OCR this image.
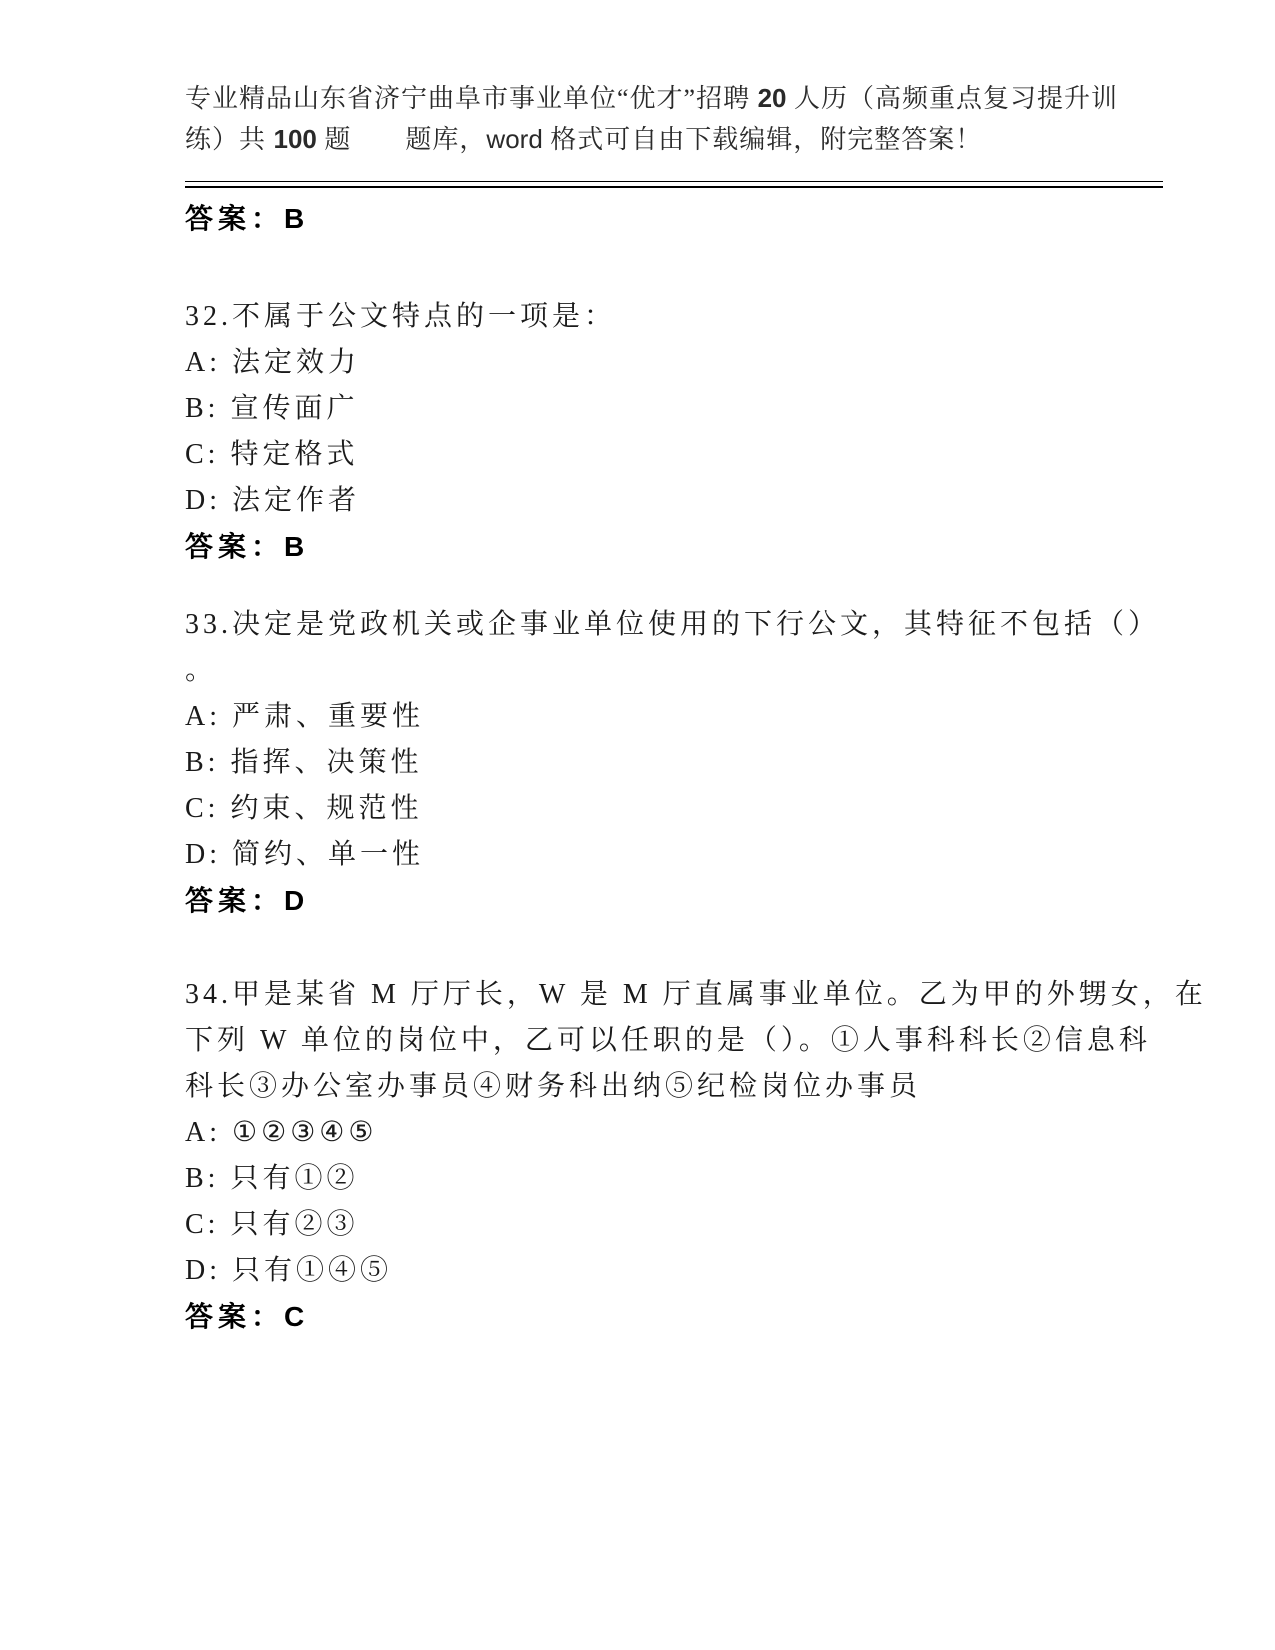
专业精品山东省济宁曲阜市事业单位“优才”招聘 20 人历（高频重点复习提升训
练）共 100 题　　题库，word 格式可自由下载编辑，附完整答案！
答案：B
32.不属于公文特点的一项是：
A: 法定效力
B: 宣传面广
C: 特定格式
D: 法定作者
答案：B
33.决定是党政机关或企事业单位使用的下行公文，其特征不包括（）
。
A: 严肃、重要性
B: 指挥、决策性
C: 约束、规范性
D: 简约、单一性
答案：D
34.甲是某省 M 厅厅长，W 是 M 厅直属事业单位。乙为甲的外甥女，在
下列 W 单位的岗位中，乙可以任职的是（）。①人事科科长②信息科
科长③办公室办事员④财务科出纳⑤纪检岗位办事员
A: ①②③④⑤
B: 只有①②
C: 只有②③
D: 只有①④⑤
答案：C
